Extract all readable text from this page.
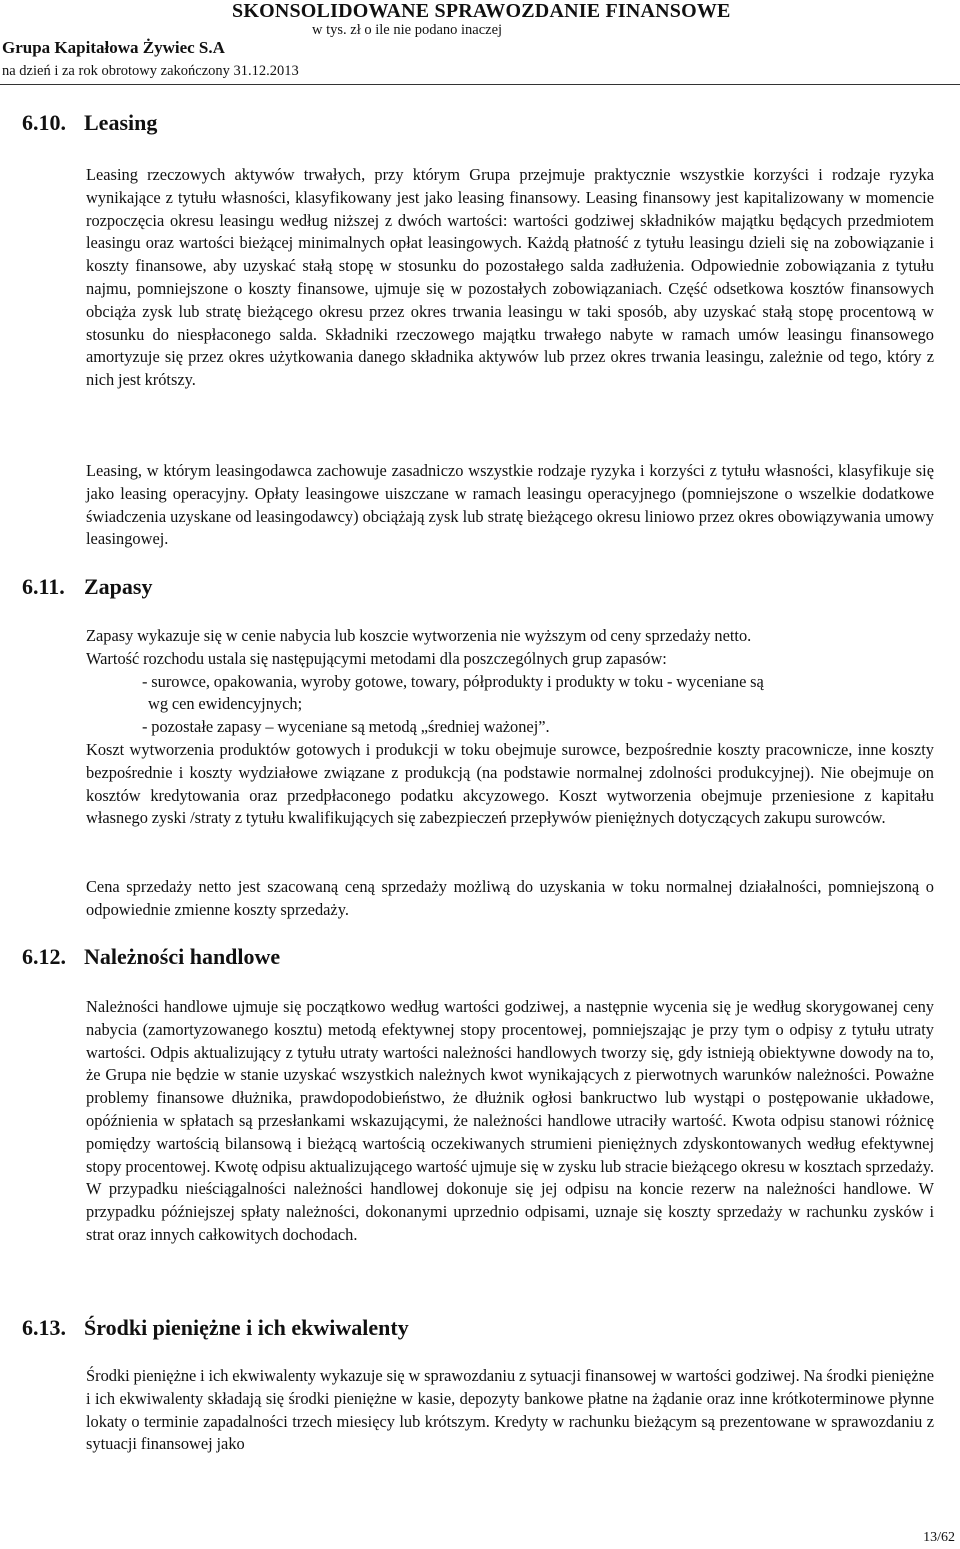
SKONSOLIDOWANE SPRAWOZDANIE FINANSOWE
w tys. zł o ile nie podano inaczej
Grupa Kapitałowa Żywiec S.A
na dzień i za rok obrotowy zakończony 31.12.2013
6.10. Leasing

Leasing rzeczowych aktywów trwałych, przy którym Grupa przejmuje praktycznie wszystkie korzyści i rodzaje ryzyka wynikające z tytułu własności, klasyfikowany jest jako leasing finansowy. Leasing finansowy jest kapitalizowany w momencie rozpoczęcia okresu leasingu według niższej z dwóch wartości: wartości godziwej składników majątku będących przedmiotem leasingu oraz wartości bieżącej minimalnych opłat leasingowych. Każdą płatność z tytułu leasingu dzieli się na zobowiązanie i koszty finansowe, aby uzyskać stałą stopę w stosunku do pozostałego salda zadłużenia. Odpowiednie zobowiązania z tytułu najmu, pomniejszone o koszty finansowe, ujmuje się w pozostałych zobowiązaniach. Część odsetkowa kosztów finansowych obciąża zysk lub stratę bieżącego okresu przez okres trwania leasingu w taki sposób, aby uzyskać stałą stopę procentową w stosunku do niespłaconego salda. Składniki rzeczowego majątku trwałego nabyte w ramach umów leasingu finansowego amortyzuje się przez okres użytkowania danego składnika aktywów lub przez okres trwania leasingu, zależnie od tego, który z nich jest krótszy.

Leasing, w którym leasingodawca zachowuje zasadniczo wszystkie rodzaje ryzyka i korzyści z tytułu własności, klasyfikuje się jako leasing operacyjny. Opłaty leasingowe uiszczane w ramach leasingu operacyjnego (pomniejszone o wszelkie dodatkowe świadczenia uzyskane od leasingodawcy) obciążają zysk lub stratę bieżącego okresu liniowo przez okres obowiązywania umowy leasingowej.

6.11. Zapasy

Zapasy wykazuje się w cenie nabycia lub koszcie wytworzenia nie wyższym od ceny sprzedaży netto.

Wartość rozchodu ustala się następującymi metodami dla poszczególnych grup zapasów:

- surowce, opakowania, wyroby gotowe, towary, półprodukty i produkty w toku - wyceniane są

wg cen ewidencyjnych;

- pozostałe zapasy – wyceniane są metodą „średniej ważonej”.

Koszt wytworzenia produktów gotowych i produkcji w toku obejmuje surowce, bezpośrednie koszty pracownicze, inne koszty bezpośrednie i koszty wydziałowe związane z produkcją (na podstawie normalnej zdolności produkcyjnej). Nie obejmuje on kosztów kredytowania oraz przedpłaconego podatku akcyzowego. Koszt wytworzenia obejmuje przeniesione z kapitału własnego zyski /straty z tytułu kwalifikujących się zabezpieczeń przepływów pieniężnych dotyczących zakupu surowców.

Cena sprzedaży netto jest szacowaną ceną sprzedaży możliwą do uzyskania w toku normalnej działalności, pomniejszoną o odpowiednie zmienne koszty sprzedaży.

6.12. Należności handlowe

Należności handlowe ujmuje się początkowo według wartości godziwej, a następnie wycenia się je według skorygowanej ceny nabycia (zamortyzowanego kosztu) metodą efektywnej stopy procentowej, pomniejszając je przy tym o odpisy z tytułu utraty wartości. Odpis aktualizujący z tytułu utraty wartości należności handlowych tworzy się, gdy istnieją obiektywne dowody na to, że Grupa nie będzie w stanie uzyskać wszystkich należnych kwot wynikających z pierwotnych warunków należności. Poważne problemy finansowe dłużnika, prawdopodobieństwo, że dłużnik ogłosi bankructwo lub wystąpi o postępowanie układowe, opóźnienia w spłatach są przesłankami wskazującymi, że należności handlowe utraciły wartość. Kwota odpisu stanowi różnicę pomiędzy wartością bilansową i bieżącą wartością oczekiwanych strumieni pieniężnych zdyskontowanych według efektywnej stopy procentowej. Kwotę odpisu aktualizującego wartość ujmuje się w zysku lub stracie bieżącego okresu w kosztach sprzedaży. W przypadku nieściągalności należności handlowej dokonuje się jej odpisu na koncie rezerw na należności handlowe. W przypadku późniejszej spłaty należności, dokonanymi uprzednio odpisami, uznaje się koszty sprzedaży w rachunku zysków i strat oraz innych całkowitych dochodach.

6.13. Środki pieniężne i ich ekwiwalenty

Środki pieniężne i ich ekwiwalenty wykazuje się w sprawozdaniu z sytuacji finansowej w wartości godziwej. Na środki pieniężne i ich ekwiwalenty składają się środki pieniężne w kasie, depozyty bankowe płatne na żądanie oraz inne krótkoterminowe płynne lokaty o terminie zapadalności trzech miesięcy lub krótszym. Kredyty w rachunku bieżącym są prezentowane w sprawozdaniu z sytuacji finansowej jako

13/62
